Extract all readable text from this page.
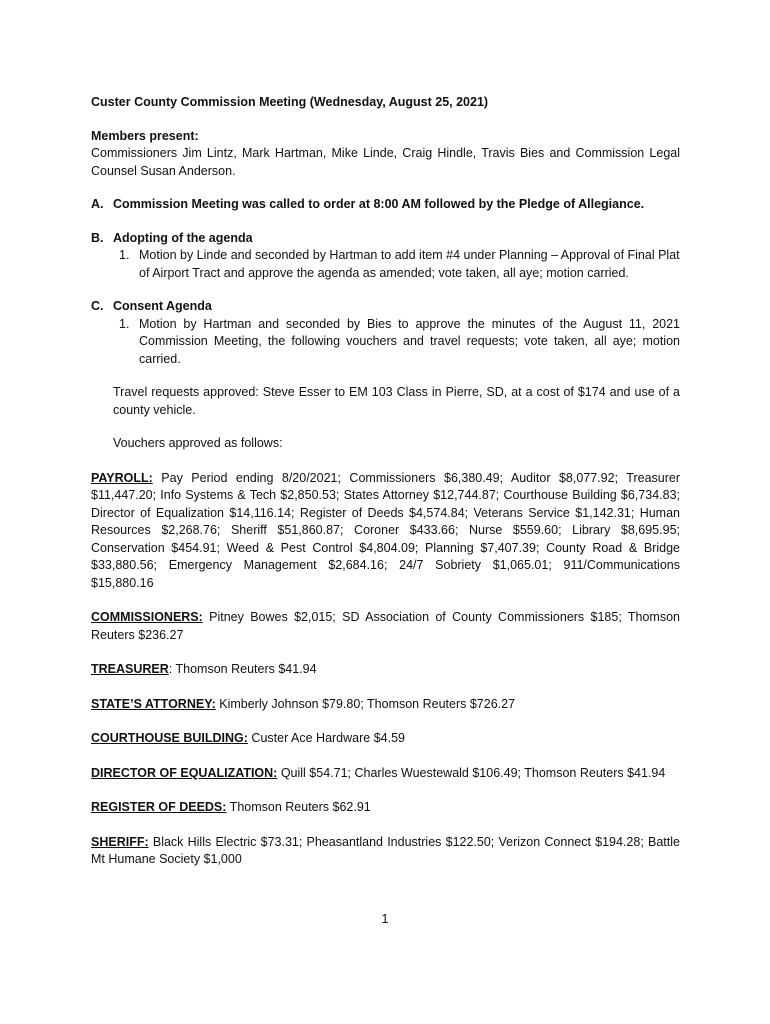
Custer County Commission Meeting (Wednesday, August 25, 2021)

Members present:

Commissioners Jim Lintz, Mark Hartman, Mike Linde, Craig Hindle, Travis Bies and Commission Legal Counsel Susan Anderson.

A. Commission Meeting was called to order at 8:00 AM followed by the Pledge of Allegiance.
B. Adopting of the agenda
1. Motion by Linde and seconded by Hartman to add item #4 under Planning – Approval of Final Plat of Airport Tract and approve the agenda as amended; vote taken, all aye; motion carried.
C. Consent Agenda
1. Motion by Hartman and seconded by Bies to approve the minutes of the August 11, 2021 Commission Meeting, the following vouchers and travel requests; vote taken, all aye; motion carried.

Travel requests approved: Steve Esser to EM 103 Class in Pierre, SD, at a cost of $174 and use of a county vehicle.

Vouchers approved as follows:

PAYROLL: Pay Period ending 8/20/2021; Commissioners $6,380.49; Auditor $8,077.92; Treasurer $11,447.20; Info Systems & Tech $2,850.53; States Attorney $12,744.87; Courthouse Building $6,734.83; Director of Equalization $14,116.14; Register of Deeds $4,574.84; Veterans Service $1,142.31; Human Resources $2,268.76; Sheriff $51,860.87; Coroner $433.66; Nurse $559.60; Library $8,695.95; Conservation $454.91; Weed & Pest Control $4,804.09; Planning $7,407.39; County Road & Bridge $33,880.56; Emergency Management $2,684.16; 24/7 Sobriety $1,065.01; 911/Communications $15,880.16

COMMISSIONERS: Pitney Bowes $2,015; SD Association of County Commissioners $185; Thomson Reuters $236.27

TREASURER: Thomson Reuters $41.94

STATE’S ATTORNEY: Kimberly Johnson $79.80; Thomson Reuters $726.27

COURTHOUSE BUILDING: Custer Ace Hardware $4.59

DIRECTOR OF EQUALIZATION: Quill $54.71; Charles Wuestewald $106.49; Thomson Reuters $41.94

REGISTER OF DEEDS: Thomson Reuters $62.91

SHERIFF: Black Hills Electric $73.31; Pheasantland Industries $122.50; Verizon Connect $194.28; Battle Mt Humane Society $1,000

1
